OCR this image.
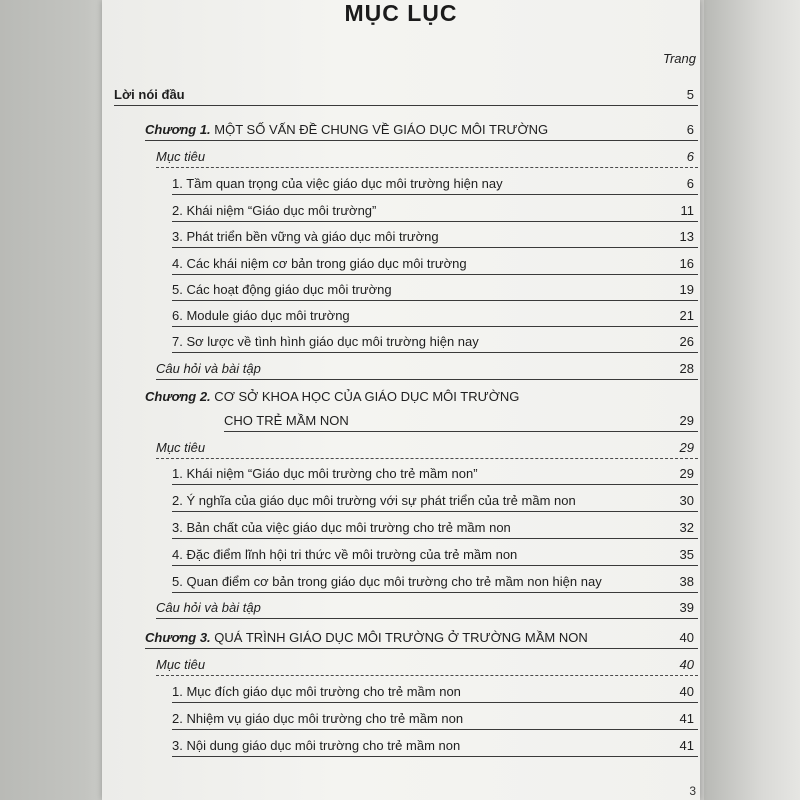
MỤC LỤC
Trang
Lời nói đầu	5
Chương 1. MỘT SỐ VẤN ĐỀ CHUNG VỀ GIÁO DỤC MÔI TRƯỜNG	6
Mục tiêu	6
1. Tầm quan trọng của việc giáo dục môi trường hiện nay	6
2. Khái niệm “Giáo dục môi trường”	11
3. Phát triển bền vững và giáo dục môi trường	13
4. Các khái niệm cơ bản trong giáo dục môi trường	16
5. Các hoạt động giáo dục môi trường	19
6. Module giáo dục môi trường	21
7. Sơ lược về tình hình giáo dục môi trường hiện nay	26
Câu hỏi và bài tập	28
Chương 2. CƠ SỞ KHOA HỌC CỦA GIÁO DỤC MÔI TRƯỜNG
CHO TRẺ MẦM NON	29
Mục tiêu	29
1. Khái niệm “Giáo dục môi trường cho trẻ mầm non”	29
2. Ý nghĩa của giáo dục môi trường với sự phát triển của trẻ mầm non	30
3. Bản chất của việc giáo dục môi trường cho trẻ mầm non	32
4. Đặc điểm lĩnh hội tri thức về môi trường của trẻ mầm non	35
5. Quan điểm cơ bản trong giáo dục môi trường cho trẻ mầm non hiện nay	38
Câu hỏi và bài tập	39
Chương 3. QUÁ TRÌNH GIÁO DỤC MÔI TRƯỜNG Ở TRƯỜNG MẦM NON	40
Mục tiêu	40
1. Mục đích giáo dục môi trường cho trẻ mầm non	40
2. Nhiệm vụ giáo dục môi trường cho trẻ mầm non	41
3. Nội dung giáo dục môi trường cho trẻ mầm non	41
3
